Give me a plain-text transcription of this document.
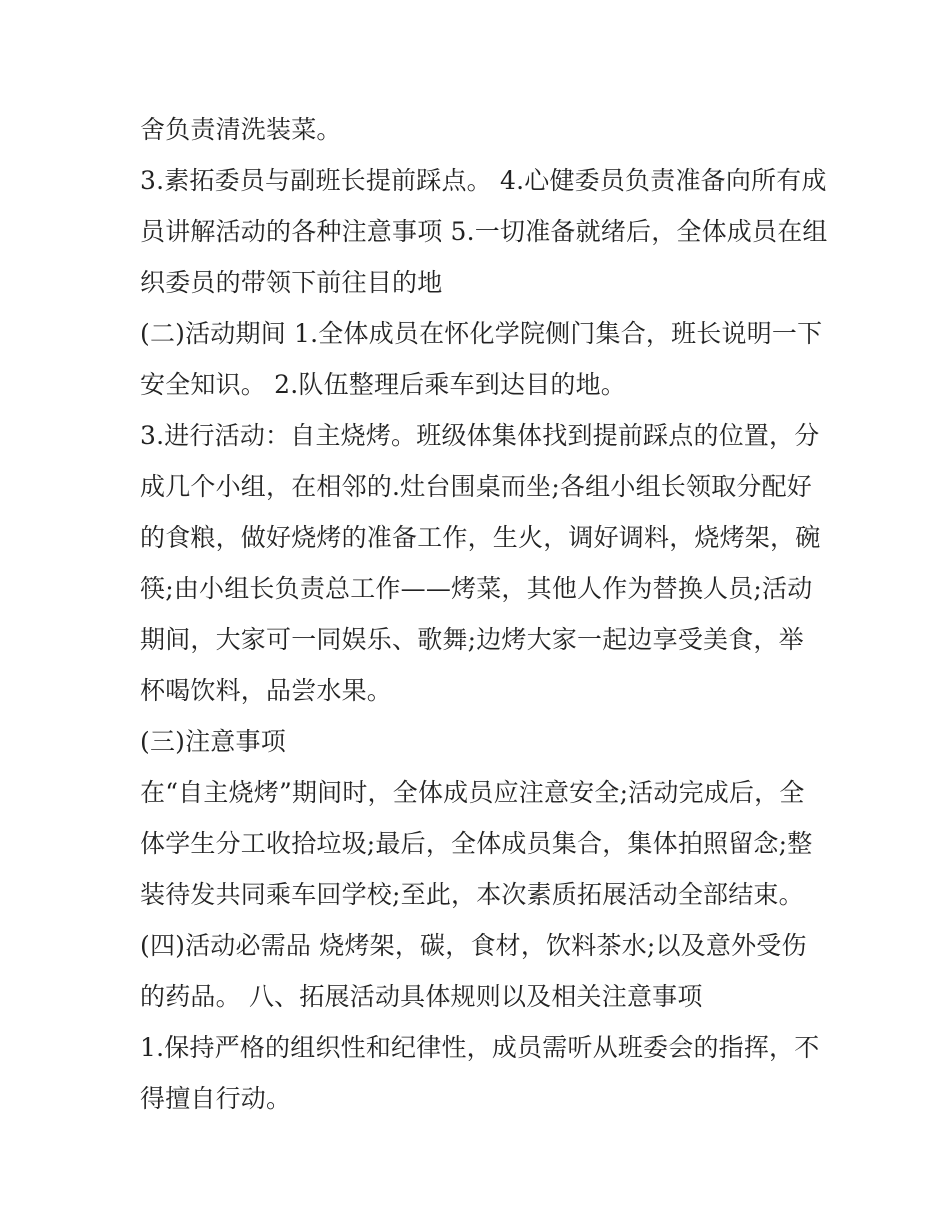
舍负责清洗装菜。
3.素拓委员与副班长提前踩点。 4.心健委员负责准备向所有成
员讲解活动的各种注意事项 5.一切准备就绪后，全体成员在组
织委员的带领下前往目的地
(二)活动期间 1.全体成员在怀化学院侧门集合，班长说明一下
安全知识。 2.队伍整理后乘车到达目的地。
3.进行活动：自主烧烤。班级体集体找到提前踩点的位置，分
成几个小组，在相邻的.灶台围桌而坐;各组小组长领取分配好
的食粮，做好烧烤的准备工作，生火，调好调料，烧烤架，碗
筷;由小组长负责总工作——烤菜，其他人作为替换人员;活动
期间，大家可一同娱乐、歌舞;边烤大家一起边享受美食，举
杯喝饮料，品尝水果。
(三)注意事项
在“自主烧烤”期间时，全体成员应注意安全;活动完成后，全
体学生分工收拾垃圾;最后，全体成员集合，集体拍照留念;整
装待发共同乘车回学校;至此，本次素质拓展活动全部结束。
(四)活动必需品 烧烤架，碳，食材，饮料茶水;以及意外受伤
的药品。 八、拓展活动具体规则以及相关注意事项
1.保持严格的组织性和纪律性，成员需听从班委会的指挥，不
得擅自行动。
